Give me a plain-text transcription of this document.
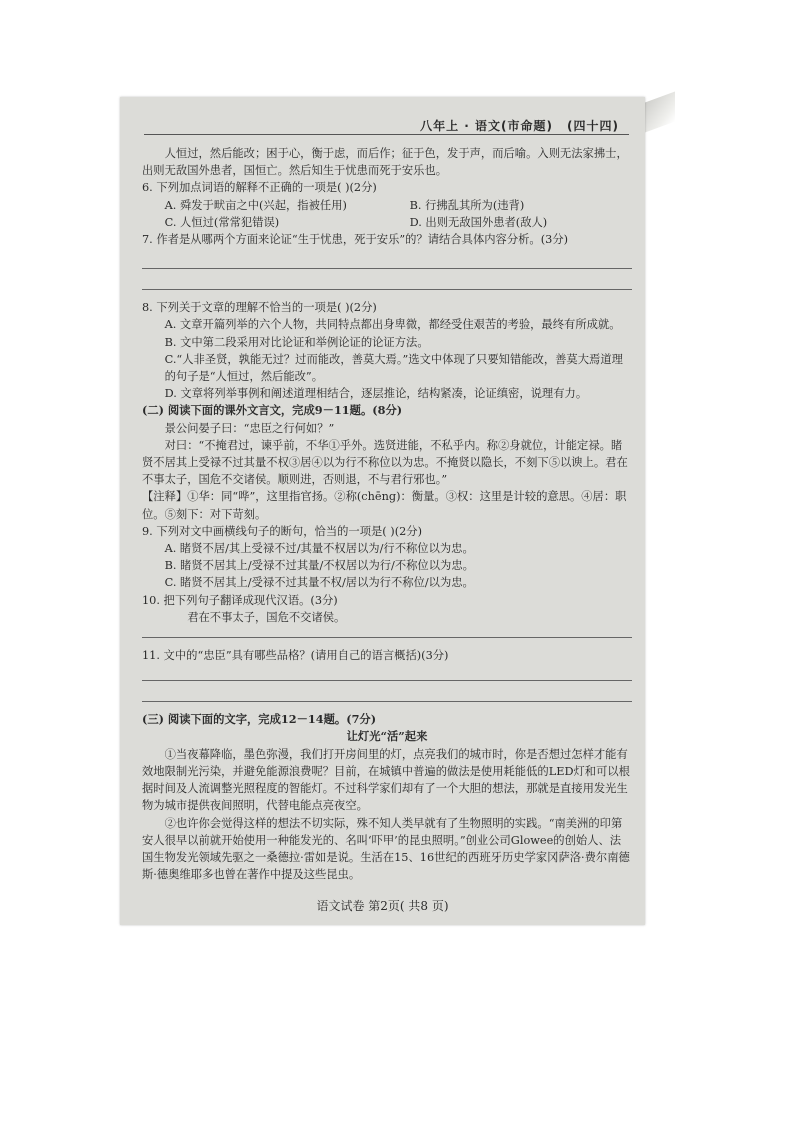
八年上 · 语文(市命题) (四十四)

人恒过，然后能改；困于心，衡于虑，而后作；征于色，发于声，而后喻。入则无法家拂士，出则无敌国外患者，国恒亡。然后知生于忧患而死于安乐也。

6. 下列加点词语的解释不正确的一项是( )(2分)

A. 舜发于畎亩之中(兴起，指被任用)	B. 行拂乱其所为(违背)
C. 人恒过(常常犯错误)	D. 出则无敌国外患者(敌人)

7. 作者是从哪两个方面来论证“生于忧患，死于安乐”的？请结合具体内容分析。(3分)

8. 下列关于文章的理解不恰当的一项是( )(2分)

A. 文章开篇列举的六个人物，共同特点都出身卑微，都经受住艰苦的考验，最终有所成就。

B. 文中第二段采用对比论证和举例论证的论证方法。

C.“人非圣贤，孰能无过？过而能改，善莫大焉。”选文中体现了只要知错能改，善莫大焉道理的句子是“人恒过，然后能改”。

D. 文章将列举事例和阐述道理相结合，逐层推论，结构紧凑，论证缜密，说理有力。

(二) 阅读下面的课外文言文，完成9－11题。(8分)

景公问晏子曰：“忠臣之行何如？”

对曰：“不掩君过，谏乎前，不华①乎外。选贤进能，不私乎内。称②身就位，计能定禄。睹贤不居其上受禄不过其量不权③居④以为行不称位以为忠。不掩贤以隐长，不刻下⑤以谀上。君在不事太子，国危不交诸侯。顺则进，否则退，不与君行邪也。”

【注释】①华：同“哗”，这里指官扬。②称(chēng)：衡量。③权：这里是计较的意思。④居：职位。⑤刻下：对下苛刻。

9. 下列对文中画横线句子的断句，恰当的一项是( )(2分)

A. 睹贤不居/其上受禄不过/其量不权居以为/行不称位以为忠。

B. 睹贤不居其上/受禄不过其量/不权居以为行/不称位以为忠。

C. 睹贤不居其上/受禄不过其量不权/居以为行不称位/以为忠。

10. 把下列句子翻译成现代汉语。(3分)

君在不事太子，国危不交诸侯。

11. 文中的“忠臣”具有哪些品格？(请用自己的语言概括)(3分)

(三) 阅读下面的文字，完成12－14题。(7分)

让灯光“活”起来

①当夜幕降临，墨色弥漫，我们打开房间里的灯，点亮我们的城市时，你是否想过怎样才能有效地限制光污染，并避免能源浪费呢？目前，在城镇中普遍的做法是使用耗能低的LED灯和可以根据时间及人流调整光照程度的智能灯。不过科学家们却有了一个大胆的想法，那就是直接用发光生物为城市提供夜间照明，代替电能点亮夜空。

②也许你会觉得这样的想法不切实际，殊不知人类早就有了生物照明的实践。“南美洲的印第安人很早以前就开始使用一种能发光的、名叫‘吓甲’的昆虫照明。”创业公司Glowee的创始人、法国生物发光领域先驱之一桑德拉·雷如是说。生活在15、16世纪的西班牙历史学家冈萨洛·费尔南德斯·德奥维耶多也曾在著作中提及这些昆虫。

语文试卷 第2页( 共8 页)
